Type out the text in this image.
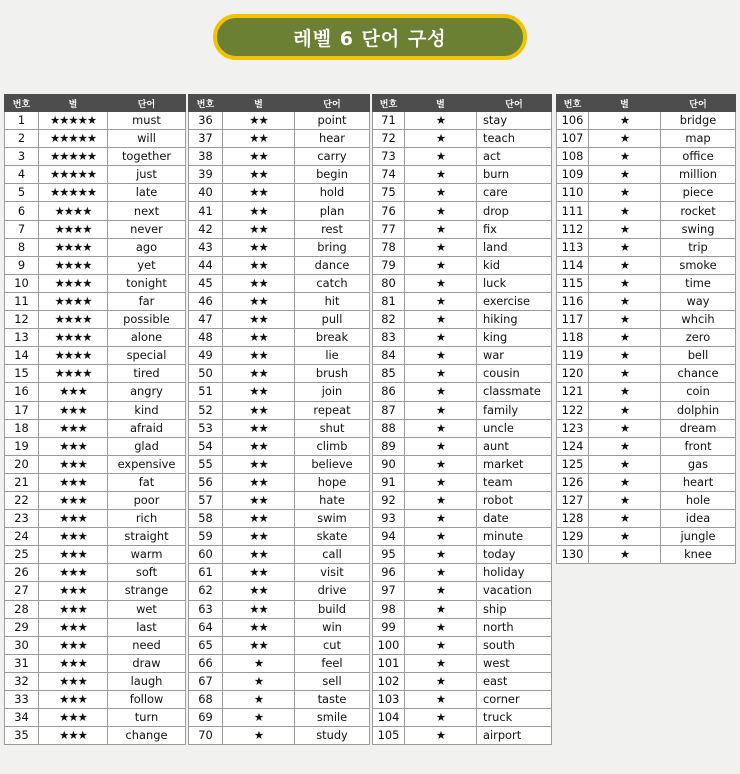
레벨 6 단어 구성
번호	별	단어
1	★★★★★	must
2	★★★★★	will
3	★★★★★	together
4	★★★★★	just
5	★★★★★	late
6	★★★★	next
7	★★★★	never
8	★★★★	ago
9	★★★★	yet
10	★★★★	tonight
11	★★★★	far
12	★★★★	possible
13	★★★★	alone
14	★★★★	special
15	★★★★	tired
16	★★★	angry
17	★★★	kind
18	★★★	afraid
19	★★★	glad
20	★★★	expensive
21	★★★	fat
22	★★★	poor
23	★★★	rich
24	★★★	straight
25	★★★	warm
26	★★★	soft
27	★★★	strange
28	★★★	wet
29	★★★	last
30	★★★	need
31	★★★	draw
32	★★★	laugh
33	★★★	follow
34	★★★	turn
35	★★★	change
번호	별	단어
36	★★	point
37	★★	hear
38	★★	carry
39	★★	begin
40	★★	hold
41	★★	plan
42	★★	rest
43	★★	bring
44	★★	dance
45	★★	catch
46	★★	hit
47	★★	pull
48	★★	break
49	★★	lie
50	★★	brush
51	★★	join
52	★★	repeat
53	★★	shut
54	★★	climb
55	★★	believe
56	★★	hope
57	★★	hate
58	★★	swim
59	★★	skate
60	★★	call
61	★★	visit
62	★★	drive
63	★★	build
64	★★	win
65	★★	cut
66	★	feel
67	★	sell
68	★	taste
69	★	smile
70	★	study
번호	별	단어
71	★	stay
72	★	teach
73	★	act
74	★	burn
75	★	care
76	★	drop
77	★	fix
78	★	land
79	★	kid
80	★	luck
81	★	exercise
82	★	hiking
83	★	king
84	★	war
85	★	cousin
86	★	classmate
87	★	family
88	★	uncle
89	★	aunt
90	★	market
91	★	team
92	★	robot
93	★	date
94	★	minute
95	★	today
96	★	holiday
97	★	vacation
98	★	ship
99	★	north
100	★	south
101	★	west
102	★	east
103	★	corner
104	★	truck
105	★	airport
번호	별	단어
106	★	bridge
107	★	map
108	★	office
109	★	million
110	★	piece
111	★	rocket
112	★	swing
113	★	trip
114	★	smoke
115	★	time
116	★	way
117	★	whcih
118	★	zero
119	★	bell
120	★	chance
121	★	coin
122	★	dolphin
123	★	dream
124	★	front
125	★	gas
126	★	heart
127	★	hole
128	★	idea
129	★	jungle
130	★	knee
